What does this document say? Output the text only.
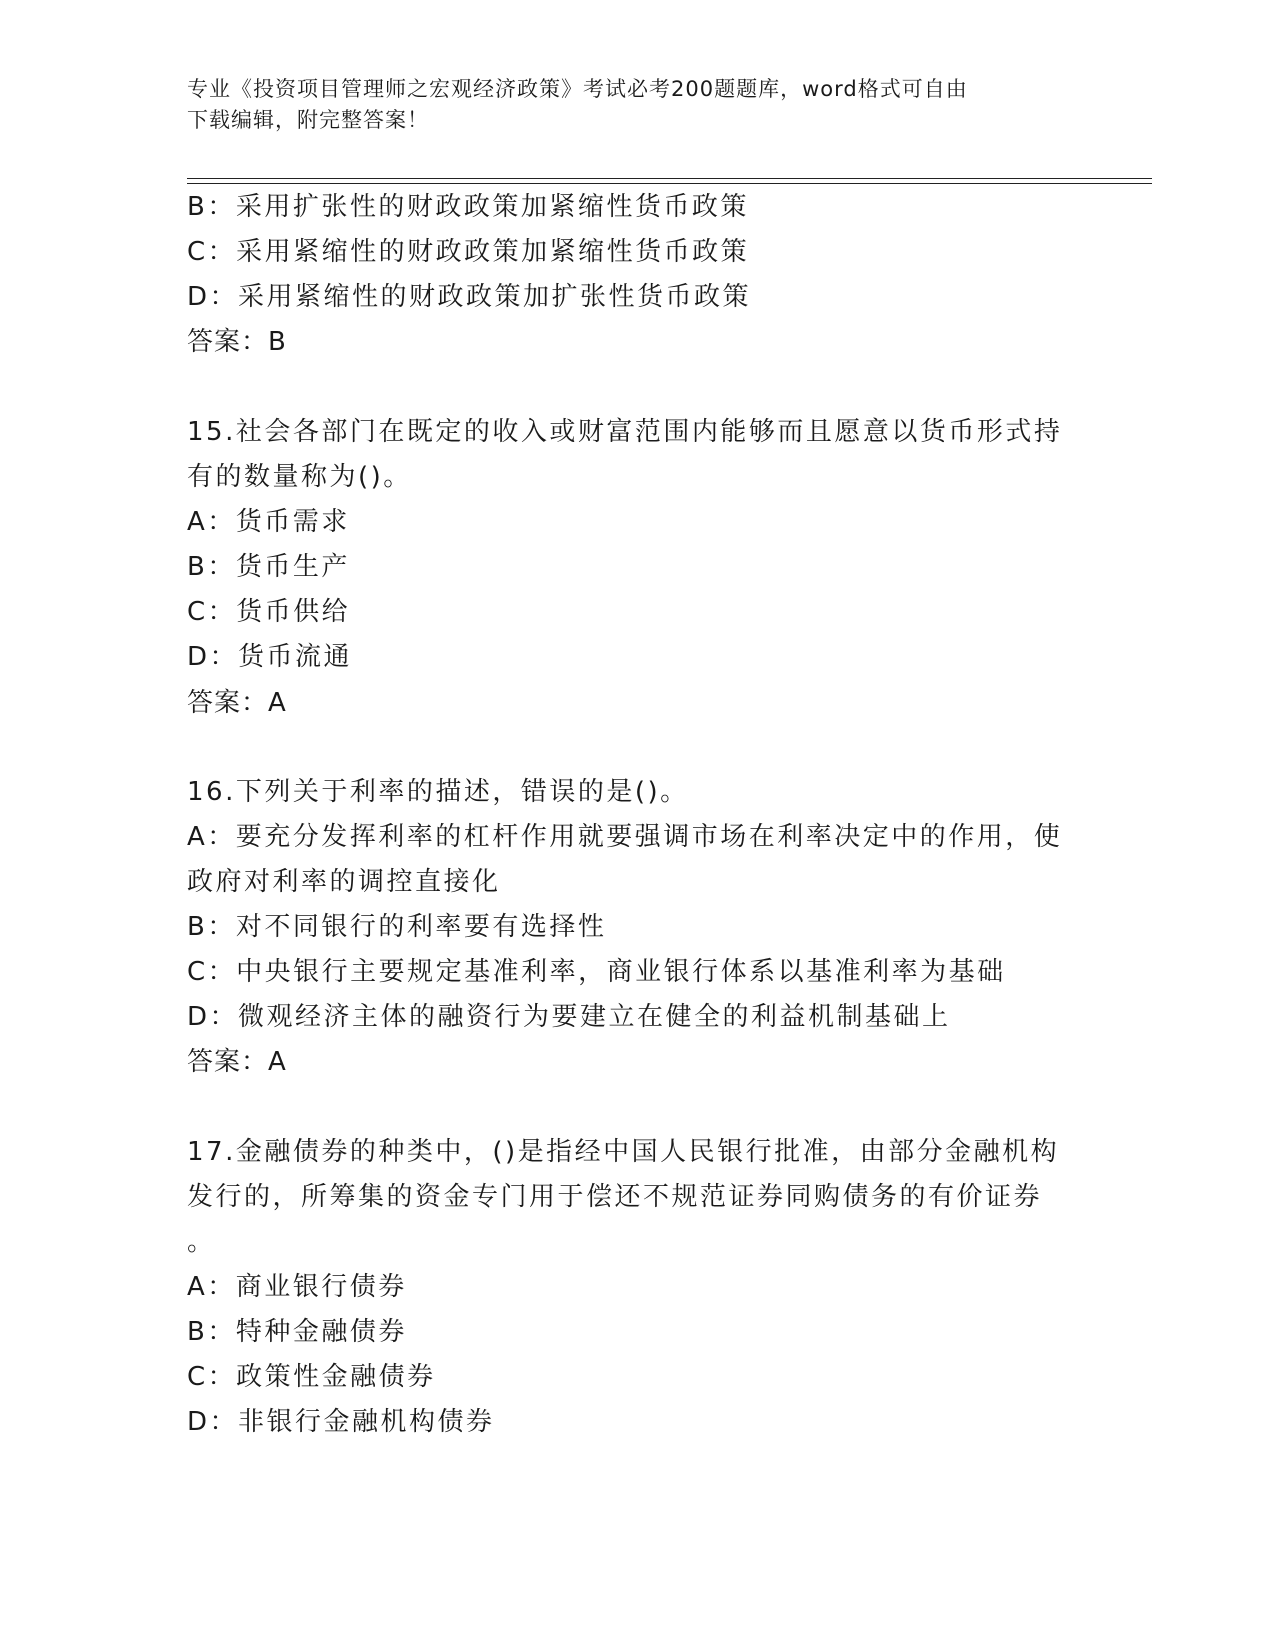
专业《投资项目管理师之宏观经济政策》考试必考200题题库，word格式可自由
下载编辑，附完整答案！
B：采用扩张性的财政政策加紧缩性货币政策
C：采用紧缩性的财政政策加紧缩性货币政策
D：采用紧缩性的财政政策加扩张性货币政策
答案：B
15.社会各部门在既定的收入或财富范围内能够而且愿意以货币形式持
有的数量称为()。
A：货币需求
B：货币生产
C：货币供给
D：货币流通
答案：A
16.下列关于利率的描述，错误的是()。
A：要充分发挥利率的杠杆作用就要强调市场在利率决定中的作用，使
政府对利率的调控直接化
B：对不同银行的利率要有选择性
C：中央银行主要规定基准利率，商业银行体系以基准利率为基础
D：微观经济主体的融资行为要建立在健全的利益机制基础上
答案：A
17.金融债券的种类中，()是指经中国人民银行批准，由部分金融机构
发行的，所筹集的资金专门用于偿还不规范证券同购债务的有价证券
。
A：商业银行债券
B：特种金融债券
C：政策性金融债券
D：非银行金融机构债券
